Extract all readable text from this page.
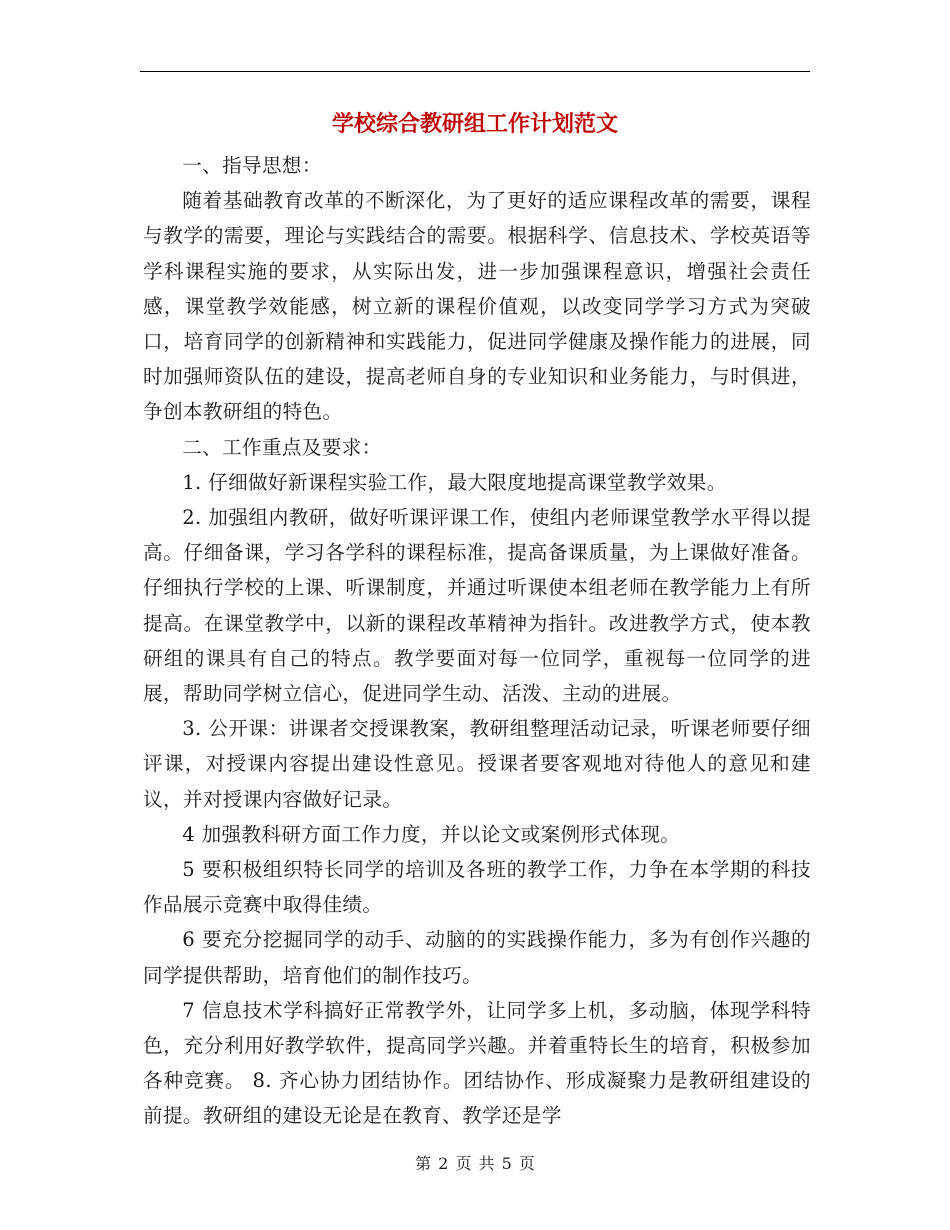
学校综合教研组工作计划范文

一、指导思想：

随着基础教育改革的不断深化，为了更好的适应课程改革的需要，课程与教学的需要，理论与实践结合的需要。根据科学、信息技术、学校英语等学科课程实施的要求，从实际出发，进一步加强课程意识，增强社会责任感，课堂教学效能感，树立新的课程价值观，以改变同学学习方式为突破口，培育同学的创新精神和实践能力，促进同学健康及操作能力的进展，同时加强师资队伍的建设，提高老师自身的专业知识和业务能力，与时俱进，争创本教研组的特色。

二、工作重点及要求：

1. 仔细做好新课程实验工作，最大限度地提高课堂教学效果。

2. 加强组内教研，做好听课评课工作，使组内老师课堂教学水平得以提高。仔细备课，学习各学科的课程标准，提高备课质量，为上课做好准备。仔细执行学校的上课、听课制度，并通过听课使本组老师在教学能力上有所提高。在课堂教学中，以新的课程改革精神为指针。改进教学方式，使本教研组的课具有自己的特点。教学要面对每一位同学，重视每一位同学的进展，帮助同学树立信心，促进同学生动、活泼、主动的进展。

3. 公开课：讲课者交授课教案，教研组整理活动记录，听课老师要仔细评课，对授课内容提出建设性意见。授课者要客观地对待他人的意见和建议，并对授课内容做好记录。

4 加强教科研方面工作力度，并以论文或案例形式体现。

5 要积极组织特长同学的培训及各班的教学工作，力争在本学期的科技作品展示竞赛中取得佳绩。

6 要充分挖掘同学的动手、动脑的的实践操作能力，多为有创作兴趣的同学提供帮助，培育他们的制作技巧。

7 信息技术学科搞好正常教学外，让同学多上机，多动脑，体现学科特色，充分利用好教学软件，提高同学兴趣。并着重特长生的培育，积极参加各种竞赛。 8. 齐心协力团结协作。团结协作、形成凝聚力是教研组建设的前提。教研组的建设无论是在教育、教学还是学

第 2 页 共 5 页
